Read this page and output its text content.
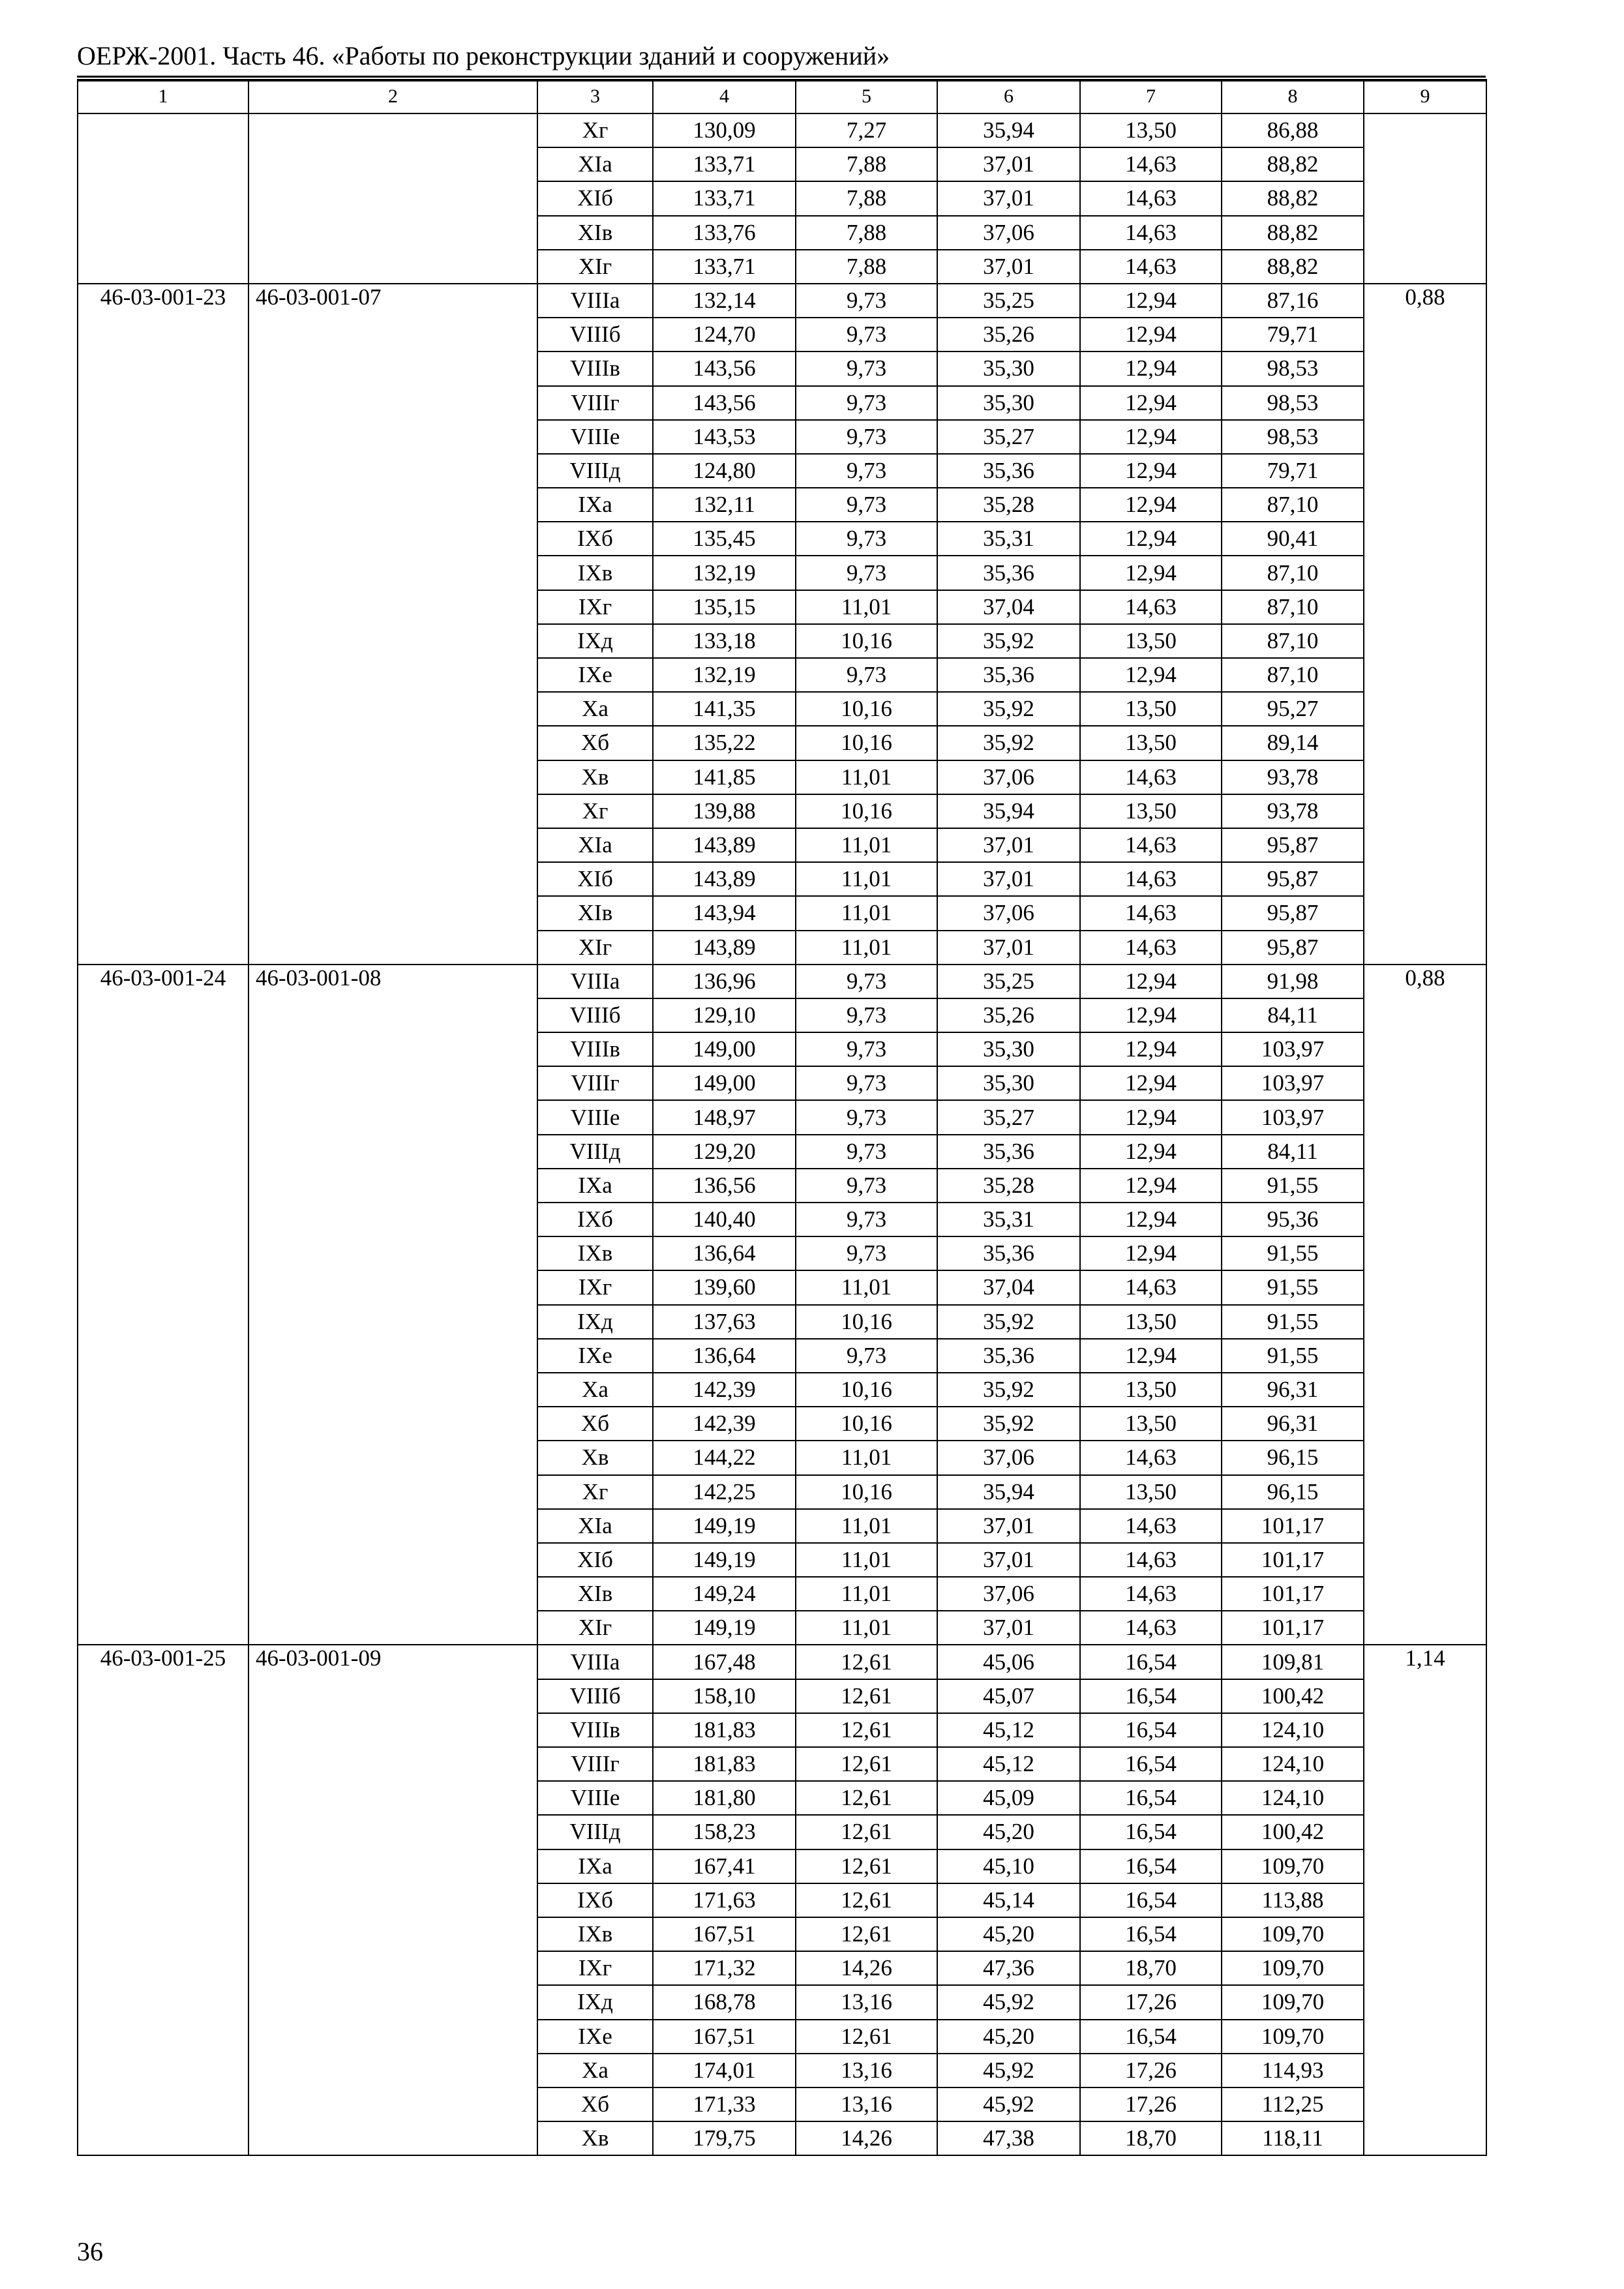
ОЕРЖ-2001. Часть 46. «Работы по реконструкции зданий и сооружений»
1	2	3	4	5	6	7	8	9
		Xг	130,09	7,27	35,94	13,50	86,88	
		XIа	133,71	7,88	37,01	14,63	88,82	
		XIб	133,71	7,88	37,01	14,63	88,82	
		XIв	133,76	7,88	37,06	14,63	88,82	
		XIг	133,71	7,88	37,01	14,63	88,82	
46-03-001-23	46-03-001-07	VIIIа	132,14	9,73	35,25	12,94	87,16	0,88
		VIIIб	124,70	9,73	35,26	12,94	79,71	
		VIIIв	143,56	9,73	35,30	12,94	98,53	
		VIIIг	143,56	9,73	35,30	12,94	98,53	
		VIIIе	143,53	9,73	35,27	12,94	98,53	
		VIIIд	124,80	9,73	35,36	12,94	79,71	
		IXа	132,11	9,73	35,28	12,94	87,10	
		IXб	135,45	9,73	35,31	12,94	90,41	
		IXв	132,19	9,73	35,36	12,94	87,10	
		IXг	135,15	11,01	37,04	14,63	87,10	
		IXд	133,18	10,16	35,92	13,50	87,10	
		IXе	132,19	9,73	35,36	12,94	87,10	
		Xа	141,35	10,16	35,92	13,50	95,27	
		Xб	135,22	10,16	35,92	13,50	89,14	
		Xв	141,85	11,01	37,06	14,63	93,78	
		Xг	139,88	10,16	35,94	13,50	93,78	
		XIа	143,89	11,01	37,01	14,63	95,87	
		XIб	143,89	11,01	37,01	14,63	95,87	
		XIв	143,94	11,01	37,06	14,63	95,87	
		XIг	143,89	11,01	37,01	14,63	95,87	
46-03-001-24	46-03-001-08	VIIIа	136,96	9,73	35,25	12,94	91,98	0,88
		VIIIб	129,10	9,73	35,26	12,94	84,11	
		VIIIв	149,00	9,73	35,30	12,94	103,97	
		VIIIг	149,00	9,73	35,30	12,94	103,97	
		VIIIе	148,97	9,73	35,27	12,94	103,97	
		VIIIд	129,20	9,73	35,36	12,94	84,11	
		IXа	136,56	9,73	35,28	12,94	91,55	
		IXб	140,40	9,73	35,31	12,94	95,36	
		IXв	136,64	9,73	35,36	12,94	91,55	
		IXг	139,60	11,01	37,04	14,63	91,55	
		IXд	137,63	10,16	35,92	13,50	91,55	
		IXе	136,64	9,73	35,36	12,94	91,55	
		Xа	142,39	10,16	35,92	13,50	96,31	
		Xб	142,39	10,16	35,92	13,50	96,31	
		Xв	144,22	11,01	37,06	14,63	96,15	
		Xг	142,25	10,16	35,94	13,50	96,15	
		XIа	149,19	11,01	37,01	14,63	101,17	
		XIб	149,19	11,01	37,01	14,63	101,17	
		XIв	149,24	11,01	37,06	14,63	101,17	
		XIг	149,19	11,01	37,01	14,63	101,17	
46-03-001-25	46-03-001-09	VIIIа	167,48	12,61	45,06	16,54	109,81	1,14
		VIIIб	158,10	12,61	45,07	16,54	100,42	
		VIIIв	181,83	12,61	45,12	16,54	124,10	
		VIIIг	181,83	12,61	45,12	16,54	124,10	
		VIIIе	181,80	12,61	45,09	16,54	124,10	
		VIIIд	158,23	12,61	45,20	16,54	100,42	
		IXа	167,41	12,61	45,10	16,54	109,70	
		IXб	171,63	12,61	45,14	16,54	113,88	
		IXв	167,51	12,61	45,20	16,54	109,70	
		IXг	171,32	14,26	47,36	18,70	109,70	
		IXд	168,78	13,16	45,92	17,26	109,70	
		IXе	167,51	12,61	45,20	16,54	109,70	
		Xа	174,01	13,16	45,92	17,26	114,93	
		Xб	171,33	13,16	45,92	17,26	112,25	
		Xв	179,75	14,26	47,38	18,70	118,11	
36
